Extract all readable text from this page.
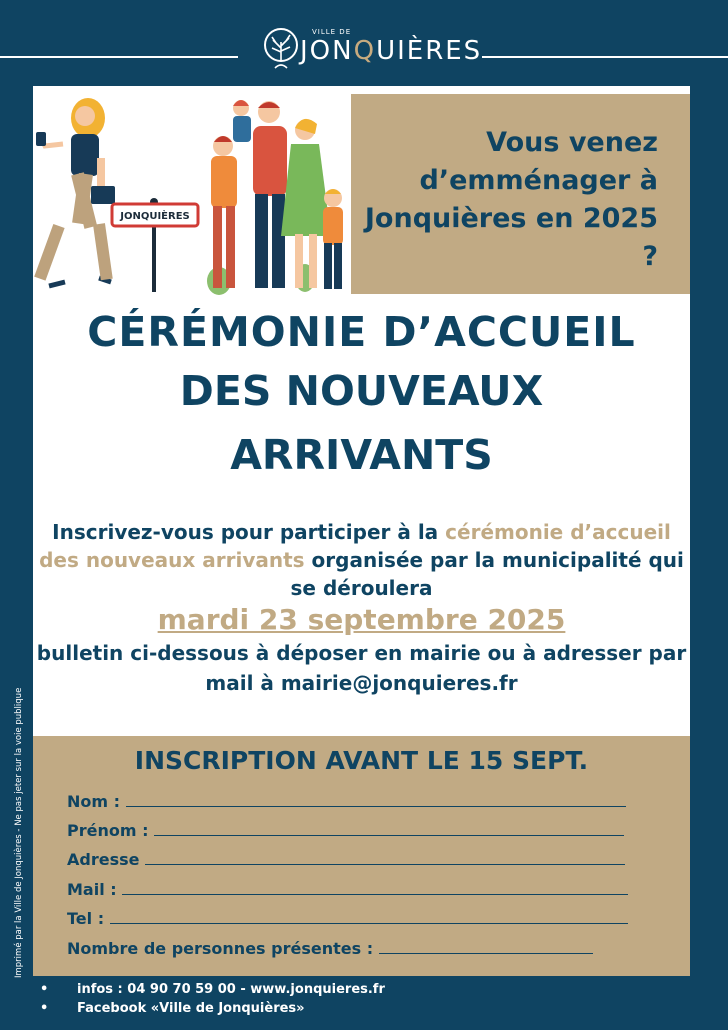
VILLE DE
JONQUIÈRES
JONQUIÈRES
Vous venez d’emménager à Jonquières en 2025 ?
CÉRÉMONIE D’ACCUEIL
DES NOUVEAUX
ARRIVANTS
Inscrivez-vous pour participer à la cérémonie d’accueil des nouveaux arrivants organisée par la municipalité qui se déroulera
mardi 23 septembre 2025
bulletin ci-dessous à déposer en mairie ou à adresser par mail à mairie@jonquieres.fr
INSCRIPTION AVANT LE 15 SEPT.
Nom :
Prénom :
Adresse
Mail :
Tel :
Nombre de personnes présentes :
Imprimé par la Ville de Jonquières - Ne pas jeter sur la voie publique
• infos : 04 90 70 59 00 - www.jonquieres.fr
• Facebook «Ville de Jonquières»
